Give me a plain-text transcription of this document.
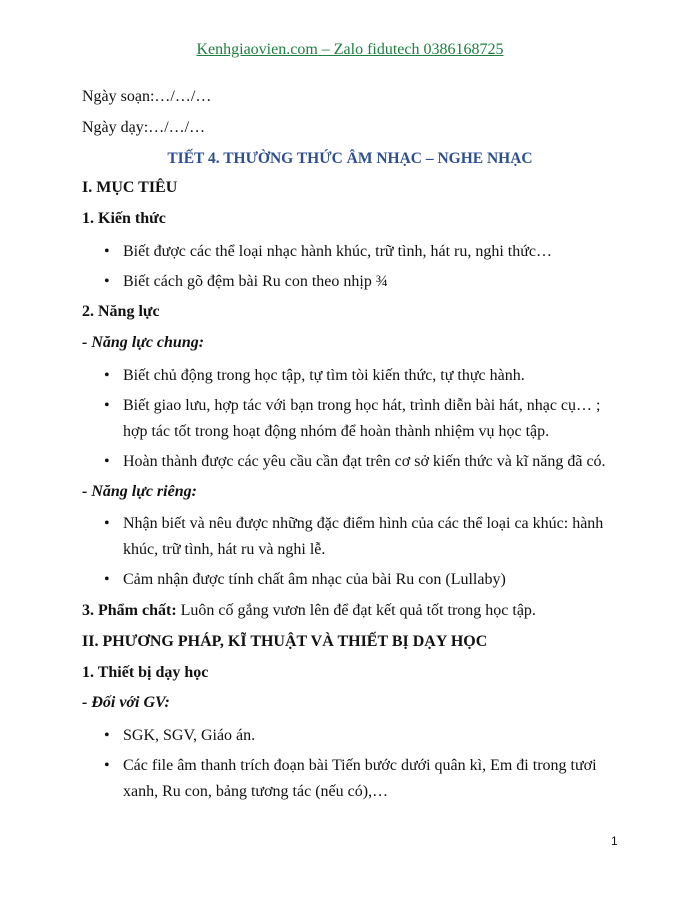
Kenhgiaovien.com – Zalo fidutech 0386168725
Ngày soạn:…/…/…
Ngày dạy:…/…/…
TIẾT 4. THƯỜNG THỨC ÂM NHẠC – NGHE NHẠC
I. MỤC TIÊU
1. Kiến thức
• Biết được các thể loại nhạc hành khúc, trữ tình, hát ru, nghi thức…
• Biết cách gõ đệm bài Ru con theo nhịp ¾
2. Năng lực
- Năng lực chung:
• Biết chủ động trong học tập, tự tìm tòi kiến thức, tự thực hành.
• Biết giao lưu, hợp tác với bạn trong học hát, trình diễn bài hát, nhạc cụ… ;
hợp tác tốt trong hoạt động nhóm để hoàn thành nhiệm vụ học tập.
• Hoàn thành được các yêu cầu cần đạt trên cơ sở kiến thức và kĩ năng đã có.
- Năng lực riêng:
• Nhận biết và nêu được những đặc điểm hình của các thể loại ca khúc: hành
khúc, trữ tình, hát ru và nghi lễ.
• Cảm nhận được tính chất âm nhạc của bài Ru con (Lullaby)
3. Phẩm chất: Luôn cố gắng vươn lên để đạt kết quả tốt trong học tập.
II. PHƯƠNG PHÁP, KĨ THUẬT VÀ THIẾT BỊ DẠY HỌC
1. Thiết bị dạy học
- Đối với GV:
• SGK, SGV, Giáo án.
• Các file âm thanh trích đoạn bài Tiến bước dưới quân kì, Em đi trong tươi
xanh, Ru con, bảng tương tác (nếu có),…
1
